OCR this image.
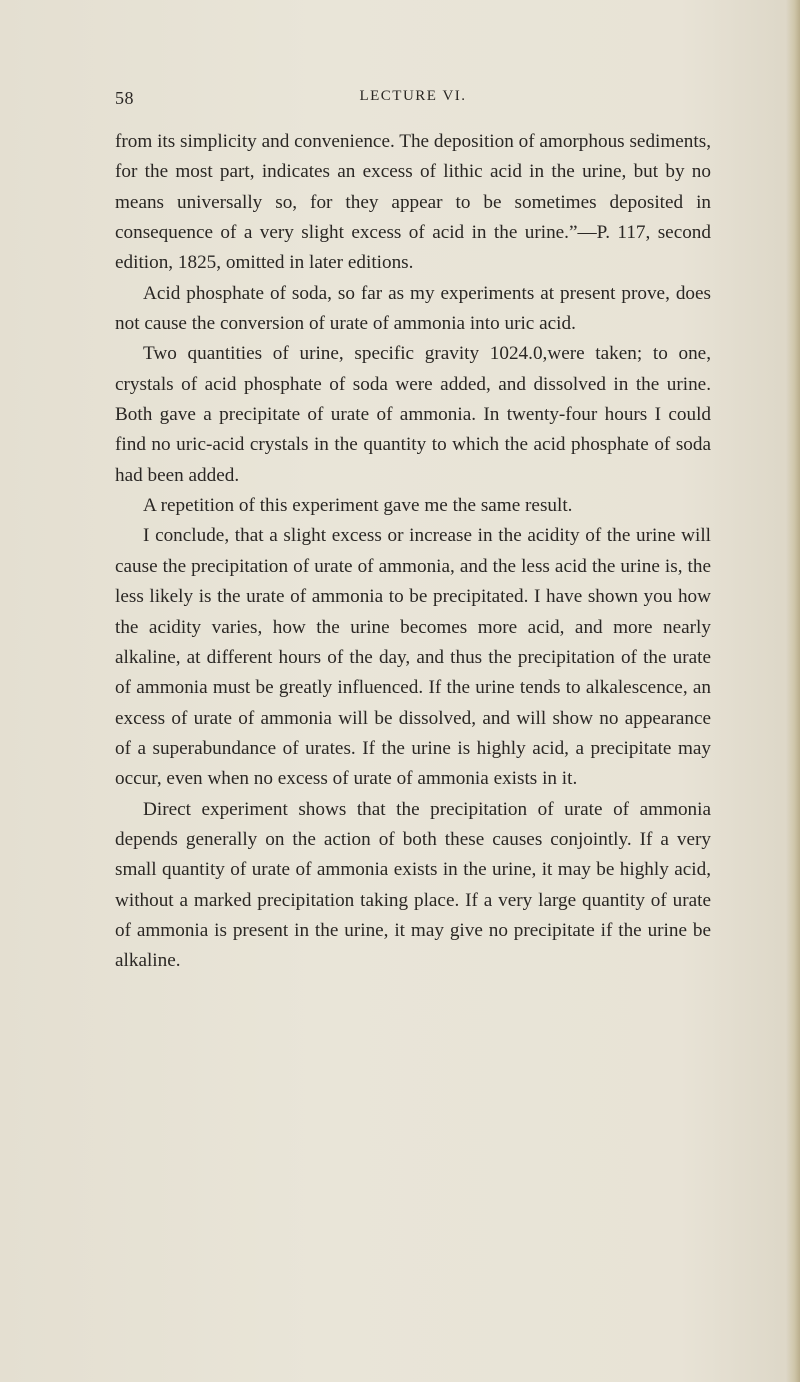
58	LECTURE VI.

from its simplicity and convenience. The deposition of amorphous sediments, for the most part, indicates an excess of lithic acid in the urine, but by no means universally so, for they appear to be sometimes deposited in consequence of a very slight excess of acid in the urine.”—P. 117, second edition, 1825, omitted in later editions.

Acid phosphate of soda, so far as my experiments at present prove, does not cause the conversion of urate of ammonia into uric acid.

Two quantities of urine, specific gravity 1024.0,were taken; to one, crystals of acid phosphate of soda were added, and dissolved in the urine. Both gave a precipitate of urate of ammonia. In twenty-four hours I could find no uric-acid crystals in the quantity to which the acid phosphate of soda had been added.

A repetition of this experiment gave me the same result.

I conclude, that a slight excess or increase in the acidity of the urine will cause the precipitation of urate of ammonia, and the less acid the urine is, the less likely is the urate of ammonia to be precipitated. I have shown you how the acidity varies, how the urine becomes more acid, and more nearly alkaline, at different hours of the day, and thus the precipitation of the urate of ammonia must be greatly influenced. If the urine tends to alkalescence, an excess of urate of ammonia will be dissolved, and will show no appearance of a superabundance of urates. If the urine is highly acid, a precipitate may occur, even when no excess of urate of ammonia exists in it.

Direct experiment shows that the precipitation of urate of ammonia depends generally on the action of both these causes conjointly. If a very small quantity of urate of ammonia exists in the urine, it may be highly acid, without a marked precipitation taking place. If a very large quantity of urate of ammonia is present in the urine, it may give no precipitate if the urine be alkaline.
